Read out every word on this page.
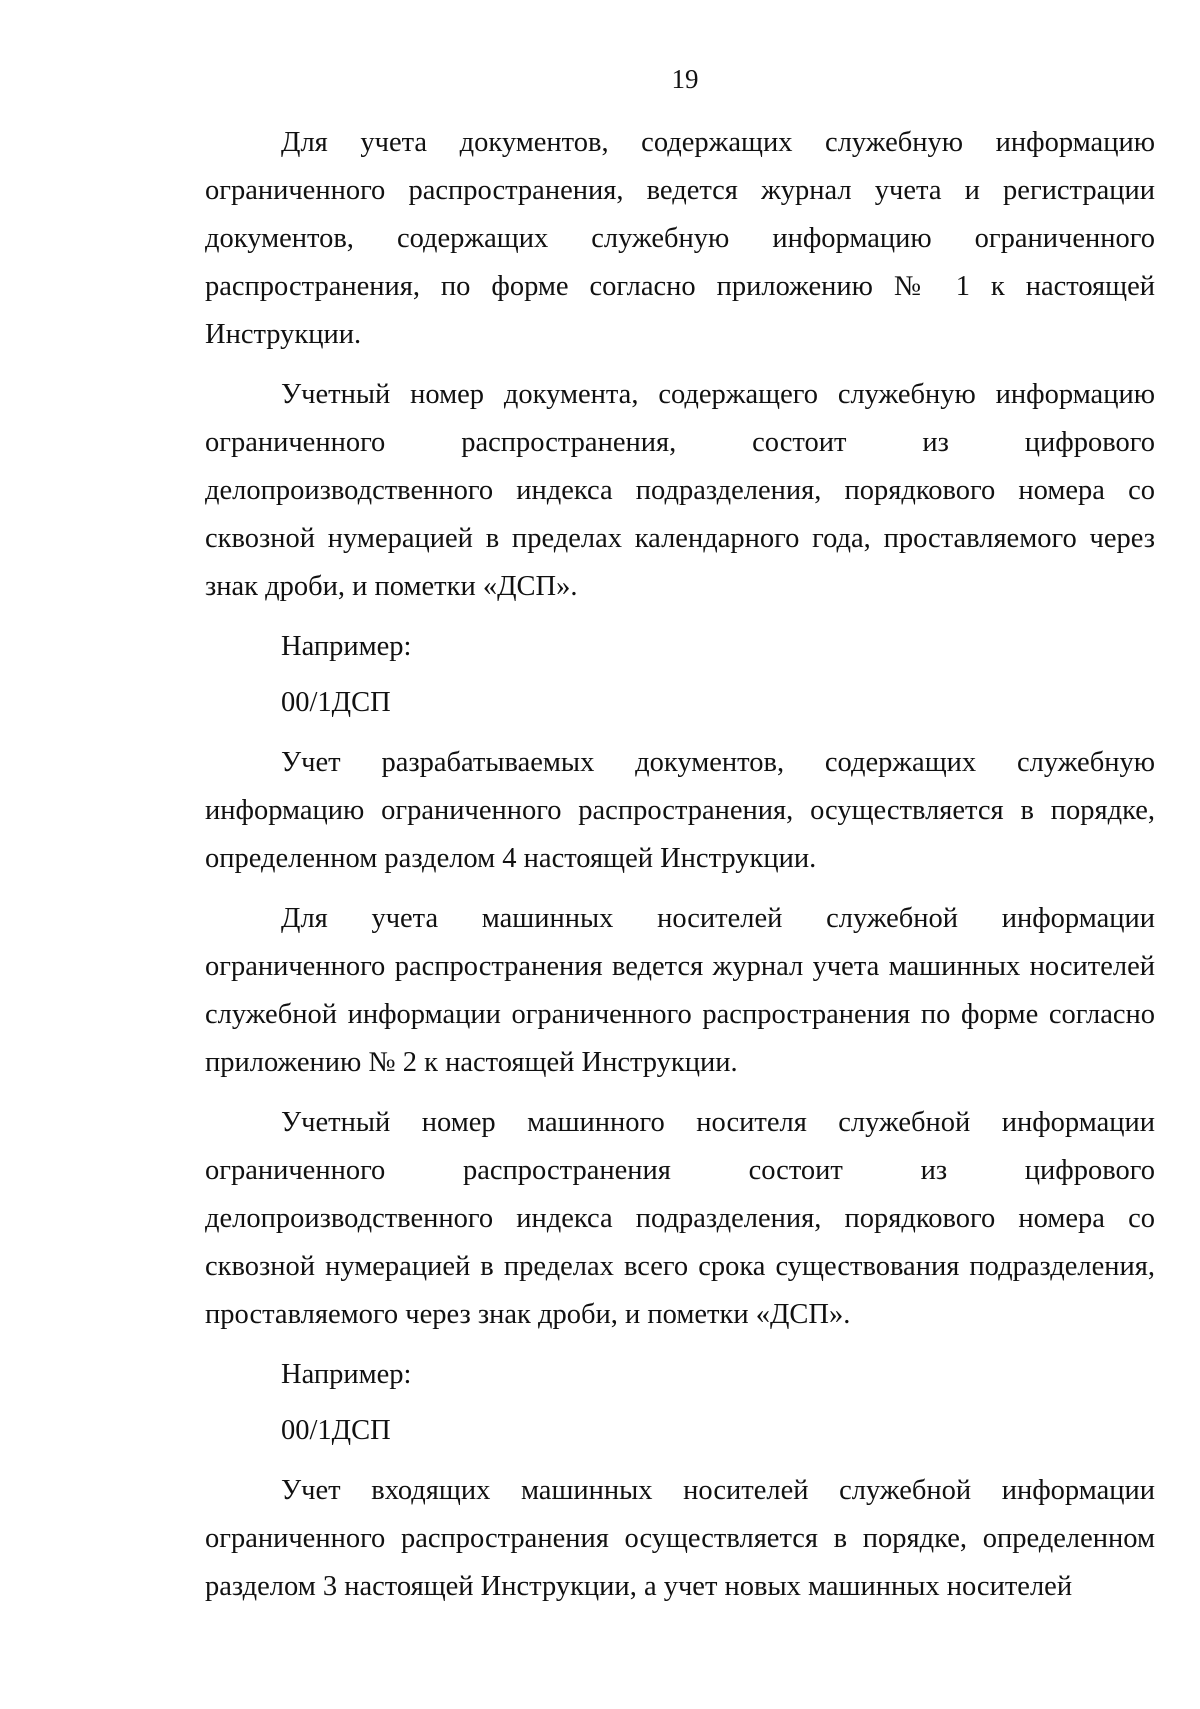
19

Для учета документов, содержащих служебную информацию ограниченного распространения, ведется журнал учета и регистрации документов, содержащих служебную информацию ограниченного распространения, по форме согласно приложению № 1 к настоящей Инструкции.

Учетный номер документа, содержащего служебную информацию ограниченного распространения, состоит из цифрового делопроизводственного индекса подразделения, порядкового номера со сквозной нумерацией в пределах календарного года, проставляемого через знак дроби, и пометки «ДСП».

Например:

00/1ДСП

Учет разрабатываемых документов, содержащих служебную информацию ограниченного распространения, осуществляется в порядке, определенном разделом 4 настоящей Инструкции.

Для учета машинных носителей служебной информации ограниченного распространения ведется журнал учета машинных носителей служебной информации ограниченного распространения по форме согласно приложению № 2 к настоящей Инструкции.

Учетный номер машинного носителя служебной информации ограниченного распространения состоит из цифрового делопроизводственного индекса подразделения, порядкового номера со сквозной нумерацией в пределах всего срока существования подразделения, проставляемого через знак дроби, и пометки «ДСП».

Например:

00/1ДСП

Учет входящих машинных носителей служебной информации ограниченного распространения осуществляется в порядке, определенном разделом 3 настоящей Инструкции, а учет новых машинных носителей
